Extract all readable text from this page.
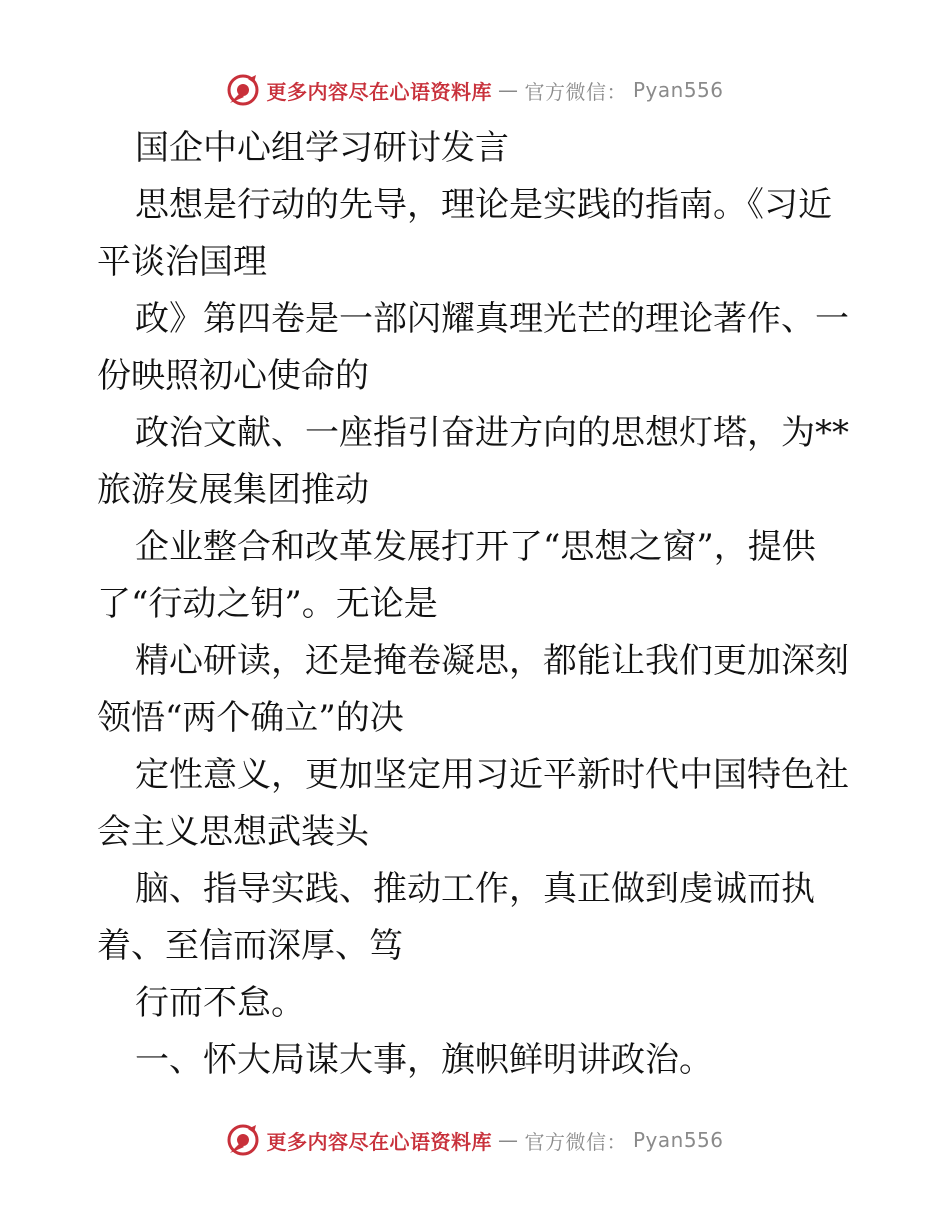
更多内容尽在心语资料库 — 官方微信： Pyan556

国企中心组学习研讨发言

思想是行动的先导，理论是实践的指南。《习近

平谈治国理

政》第四卷是一部闪耀真理光芒的理论著作、一

份映照初心使命的

政治文献、一座指引奋进方向的思想灯塔，为**

旅游发展集团推动

企业整合和改革发展打开了“思想之窗”，提供

了“行动之钥”。无论是

精心研读，还是掩卷凝思，都能让我们更加深刻

领悟“两个确立”的决

定性意义，更加坚定用习近平新时代中国特色社

会主义思想武装头

脑、指导实践、推动工作，真正做到虔诚而执

着、至信而深厚、笃

行而不怠。

一、怀大局谋大事，旗帜鲜明讲政治。

更多内容尽在心语资料库 — 官方微信： Pyan556
